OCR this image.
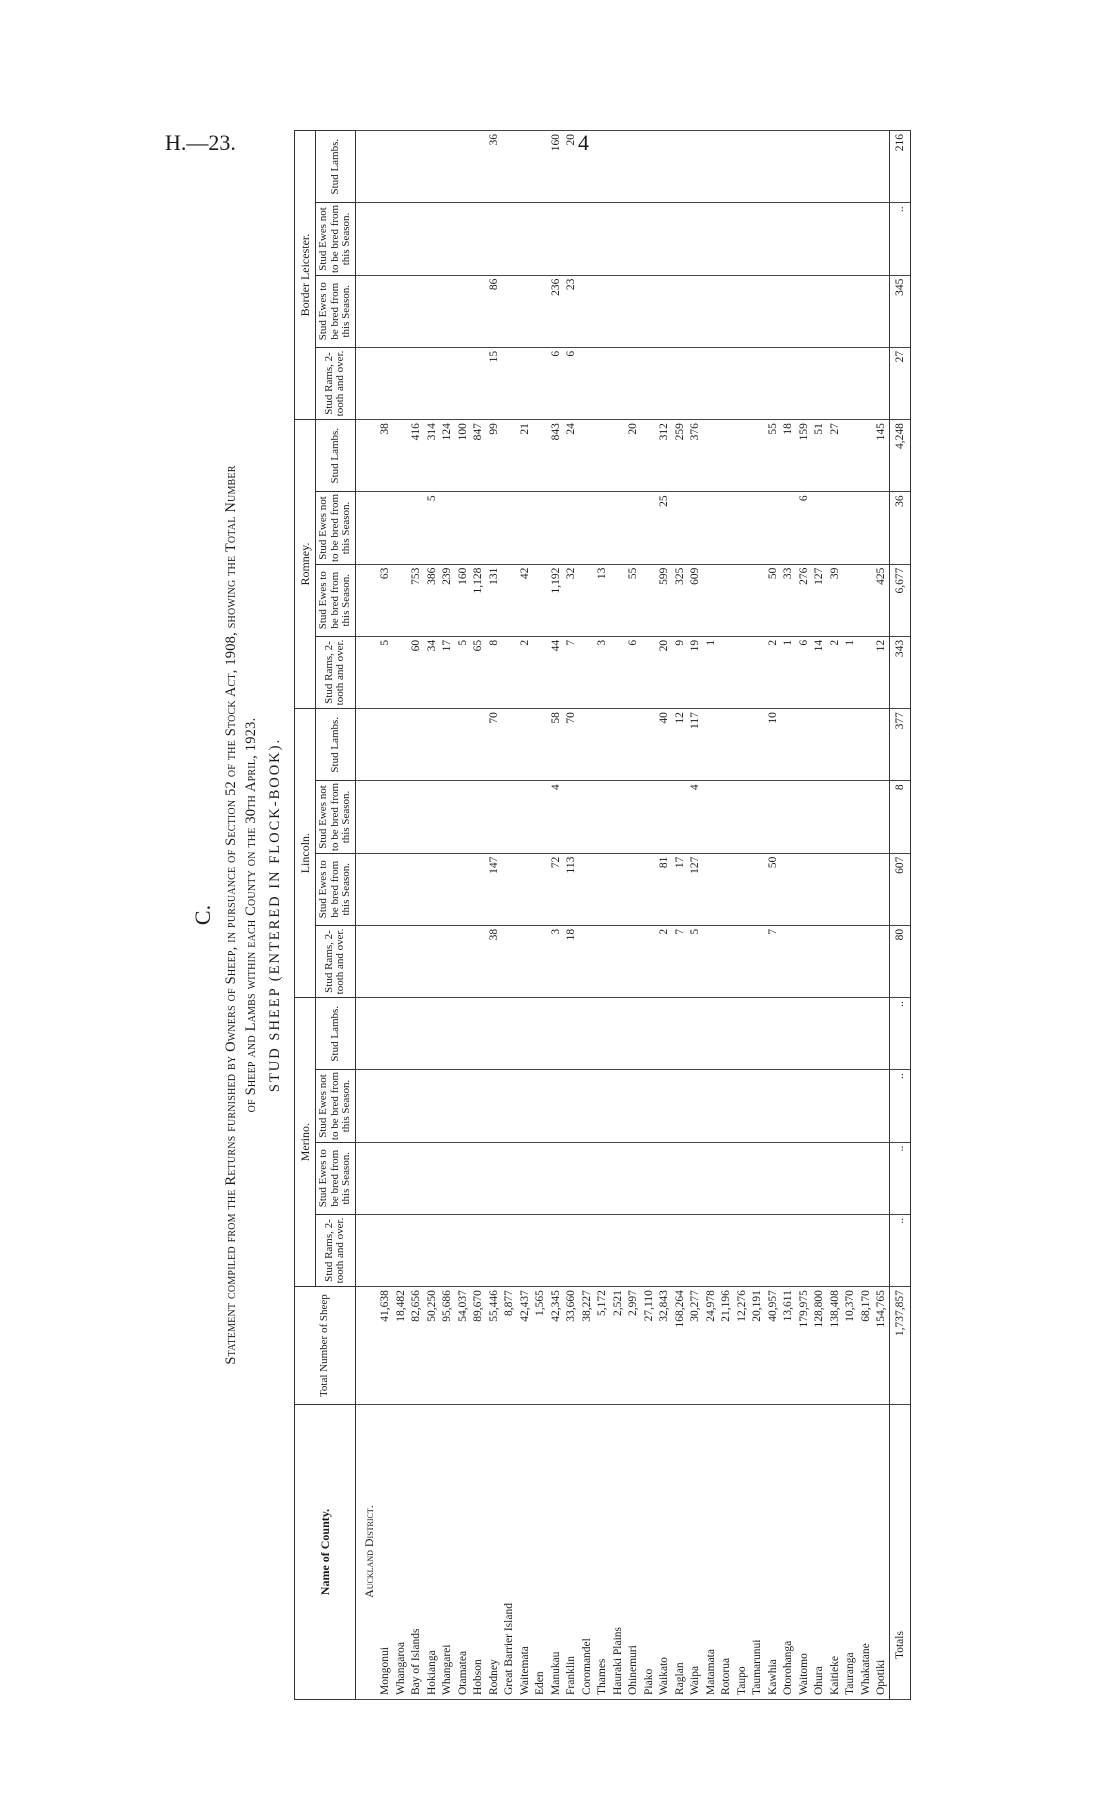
H.—23.	4
C. Statement compiled from the Returns furnished by Owners of Sheep, in pursuance of Section 52 of the Stock Act, 1908, showing the Total Number of Sheep and Lambs within each County on the 30th April, 1923. STUD SHEEP (ENTERED IN FLOCK-BOOK).
Name of County.	Total Number of Sheep	Merino.				Lincoln.				Romney.				Border Leicester.			
		Stud Rams, 2-tooth and over.	Stud Ewes to be bred from this Season.	Stud Ewes not to be bred from this Season.	Stud Lambs.	Stud Rams, 2-tooth and over.	Stud Ewes to be bred from this Season.	Stud Ewes not to be bred from this Season.	Stud Lambs.	Stud Rams, 2-tooth and over.	Stud Ewes to be bred from this Season.	Stud Ewes not to be bred from this Season.	Stud Lambs.	Stud Rams, 2-tooth and over.	Stud Ewes to be bred from this Season.	Stud Ewes not to be bred from this Season.	Stud Lambs.
Auckland District.																	
Mongonui	41,638									5	63		38				
Whangaroa	18,482																
Bay of Islands	82,656									60	753		416				
Hokianga	50,250									34	386	5	314				
Whangarei	95,686									17	239		124				
Otamatea	54,037									5	160		100				
Hobson	89,670									65	1,128		847				
Rodney	55,446					38	147		70	8	131		99	15	86		36
Great Barrier Island	8,877																
Waitemata	42,437									2	42		21				
Eden	1,565																
Manukau	42,345					3	72	4	58	44	1,192		843	6	236		160
Franklin	33,660					18	113		70	7	32		24	6	23		20
Coromandel	38,227																
Thames	5,172									3	13						
Hauraki Plains	2,521																
Ohinemuri	2,997									6	55		20				
Piako	27,110																
Waikato	32,843					2	81		40	20	599	25	312				
Raglan	168,264					7	17		12	9	325		259				
Waipa	30,277					5	127	4	117	19	609		376				
Matamata	24,978									1							
Rotorua	21,196																
Taupo	12,276																
Taumarunui	20,191																
Kawhia	40,957					7	50		10	2	50		55				
Otorohanga	13,611									1	33		18				
Waitomo	179,975									6	276	6	159				
Ohura	128,800									14	127		51				
Kaitieke	138,408									2	39		27				
Tauranga	10,370									1							
Whakatane	68,170																
Opotiki	154,765									12	425		145				
Totals	1,737,857	..	..	..	..	80	607	8	377	343	6,677	36	4,248	27	345	..	216
